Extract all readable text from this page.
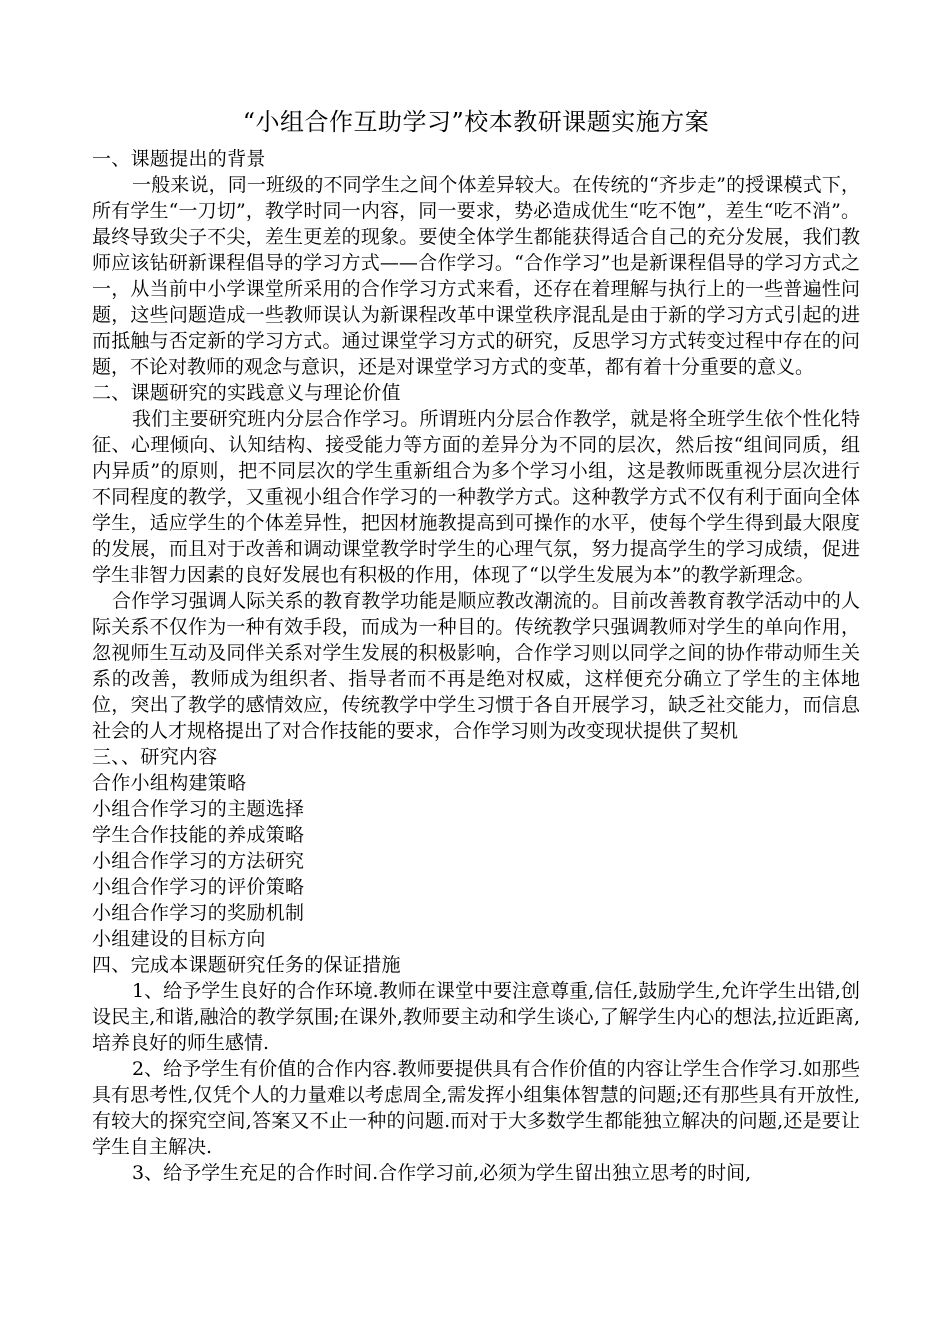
“小组合作互助学习”校本教研课题实施方案
一、课题提出的背景

一般来说，同一班级的不同学生之间个体差异较大。在传统的“齐步走”的授课模式下，所有学生“一刀切”，教学时同一内容，同一要求，势必造成优生“吃不饱”，差生“吃不消”。最终导致尖子不尖，差生更差的现象。要使全体学生都能获得适合自己的充分发展，我们教师应该钻研新课程倡导的学习方式——合作学习。“合作学习”也是新课程倡导的学习方式之一，从当前中小学课堂所采用的合作学习方式来看，还存在着理解与执行上的一些普遍性问题，这些问题造成一些教师误认为新课程改革中课堂秩序混乱是由于新的学习方式引起的进而抵触与否定新的学习方式。通过课堂学习方式的研究，反思学习方式转变过程中存在的问题，不论对教师的观念与意识，还是对课堂学习方式的变革，都有着十分重要的意义。

二、课题研究的实践意义与理论价值

我们主要研究班内分层合作学习。所谓班内分层合作教学，就是将全班学生依个性化特征、心理倾向、认知结构、接受能力等方面的差异分为不同的层次，然后按“组间同质，组内异质”的原则，把不同层次的学生重新组合为多个学习小组，这是教师既重视分层次进行不同程度的教学，又重视小组合作学习的一种教学方式。这种教学方式不仅有利于面向全体学生，适应学生的个体差异性，把因材施教提高到可操作的水平，使每个学生得到最大限度的发展，而且对于改善和调动课堂教学时学生的心理气氛，努力提高学生的学习成绩，促进学生非智力因素的良好发展也有积极的作用，体现了“以学生发展为本”的教学新理念。

合作学习强调人际关系的教育教学功能是顺应教改潮流的。目前改善教育教学活动中的人际关系不仅作为一种有效手段，而成为一种目的。传统教学只强调教师对学生的单向作用，忽视师生互动及同伴关系对学生发展的积极影响，合作学习则以同学之间的协作带动师生关系的改善，教师成为组织者、指导者而不再是绝对权威，这样便充分确立了学生的主体地位，突出了教学的感情效应，传统教学中学生习惯于各自开展学习，缺乏社交能力，而信息社会的人才规格提出了对合作技能的要求，合作学习则为改变现状提供了契机

三、、研究内容
合作小组构建策略
小组合作学习的主题选择
学生合作技能的养成策略
小组合作学习的方法研究
小组合作学习的评价策略
小组合作学习的奖励机制
小组建设的目标方向
四、完成本课题研究任务的保证措施

1、给予学生良好的合作环境.教师在课堂中要注意尊重,信任,鼓励学生,允许学生出错,创设民主,和谐,融洽的教学氛围;在课外,教师要主动和学生谈心,了解学生内心的想法,拉近距离,培养良好的师生感情.

2、给予学生有价值的合作内容.教师要提供具有合作价值的内容让学生合作学习.如那些具有思考性,仅凭个人的力量难以考虑周全,需发挥小组集体智慧的问题;还有那些具有开放性,有较大的探究空间,答案又不止一种的问题.而对于大多数学生都能独立解决的问题,还是要让学生自主解决.

3、给予学生充足的合作时间.合作学习前,必须为学生留出独立思考的时间,
